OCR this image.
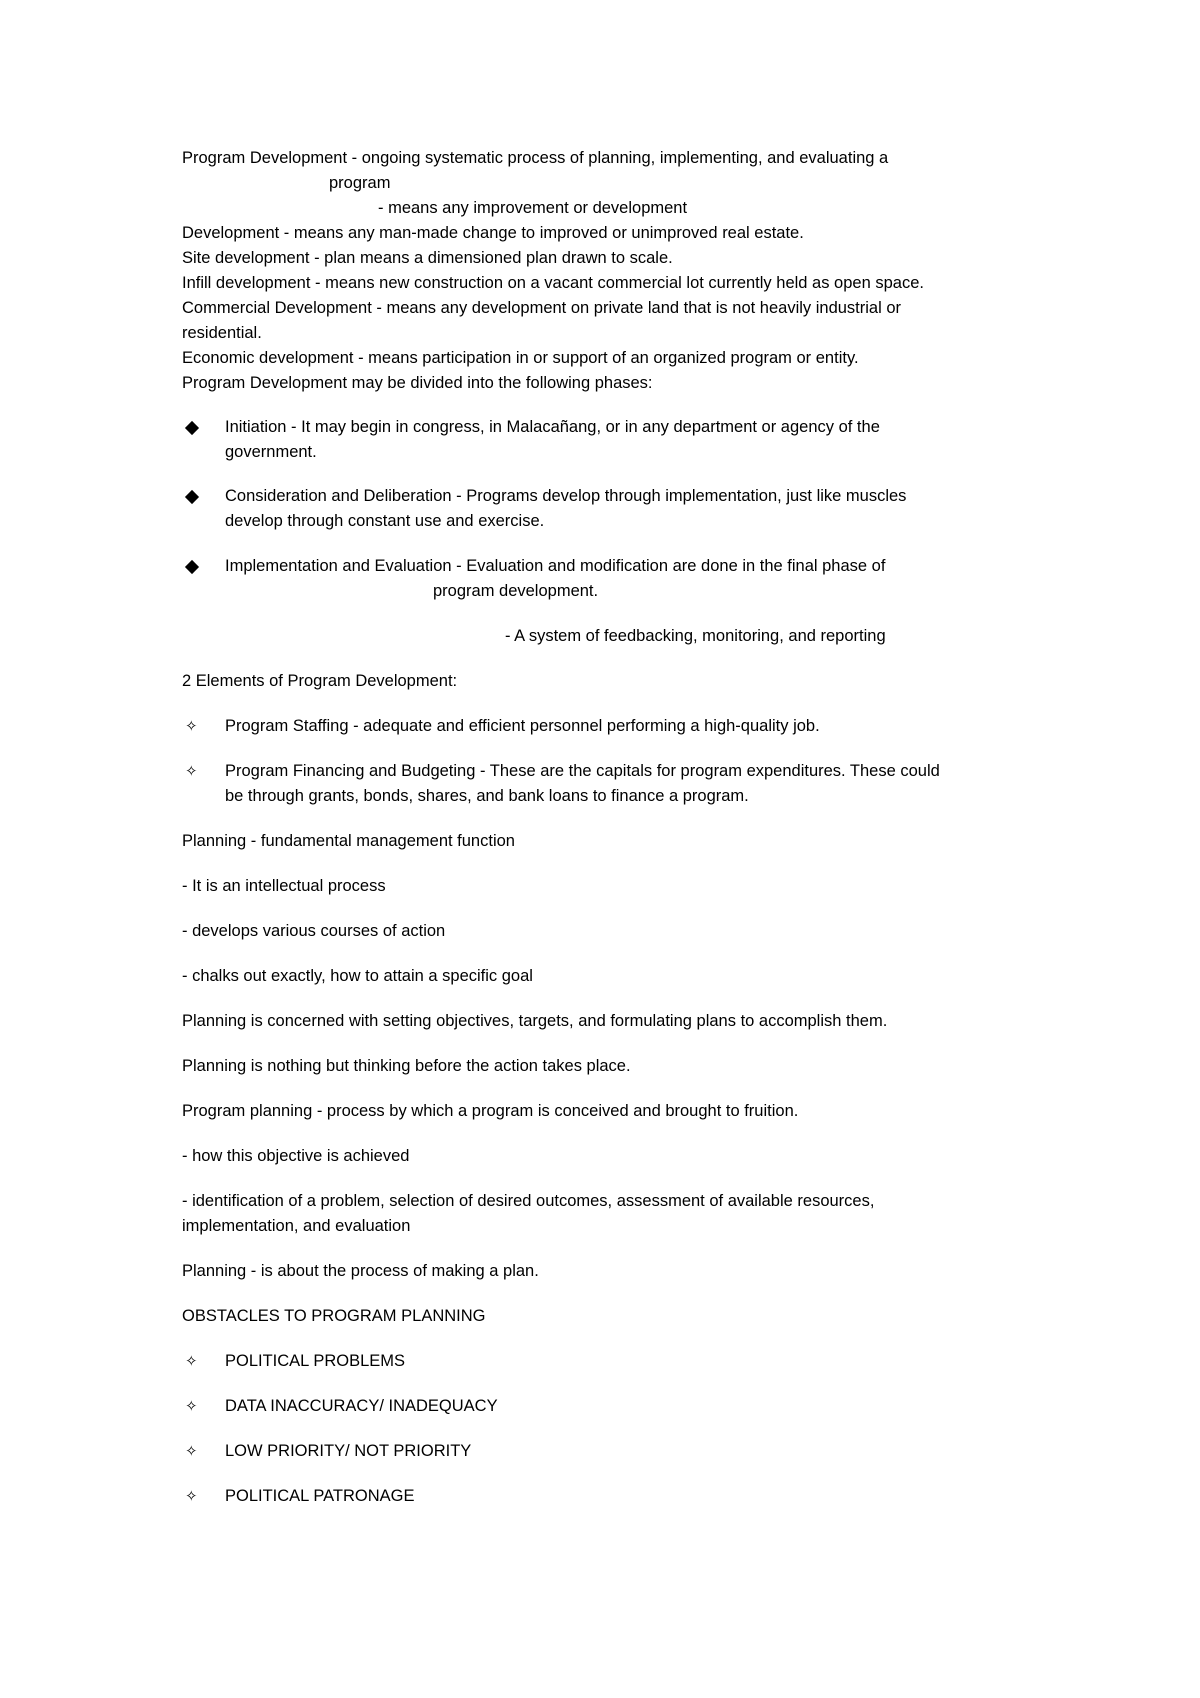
Program Development - ongoing systematic process of planning, implementing, and evaluating a
program
- means any improvement or development
Development - means any man-made change to improved or unimproved real estate.
Site development - plan means a dimensioned plan drawn to scale.
Infill development - means new construction on a vacant commercial lot currently held as open space.
Commercial Development - means any development on private land that is not heavily industrial or
residential.
Economic development - means participation in or support of an organized program or entity.
Program Development may be divided into the following phases:
Initiation - It may begin in congress, in Malacañang, or in any department or agency of the
government.
Consideration and Deliberation - Programs develop through implementation, just like muscles
develop through constant use and exercise.
Implementation and Evaluation - Evaluation and modification are done in the final phase of
program development.
- A system of feedbacking, monitoring, and reporting
2 Elements of Program Development:
✧ Program Staffing - adequate and efficient personnel performing a high-quality job.
✧ Program Financing and Budgeting - These are the capitals for program expenditures. These could
be through grants, bonds, shares, and bank loans to finance a program.
Planning - fundamental management function
- It is an intellectual process
- develops various courses of action
- chalks out exactly, how to attain a specific goal
Planning is concerned with setting objectives, targets, and formulating plans to accomplish them.
Planning is nothing but thinking before the action takes place.
Program planning - process by which a program is conceived and brought to fruition.
- how this objective is achieved
- identification of a problem, selection of desired outcomes, assessment of available resources,
implementation, and evaluation
Planning - is about the process of making a plan.
OBSTACLES TO PROGRAM PLANNING
✧ POLITICAL PROBLEMS
✧ DATA INACCURACY/ INADEQUACY
✧ LOW PRIORITY/ NOT PRIORITY
✧ POLITICAL PATRONAGE
